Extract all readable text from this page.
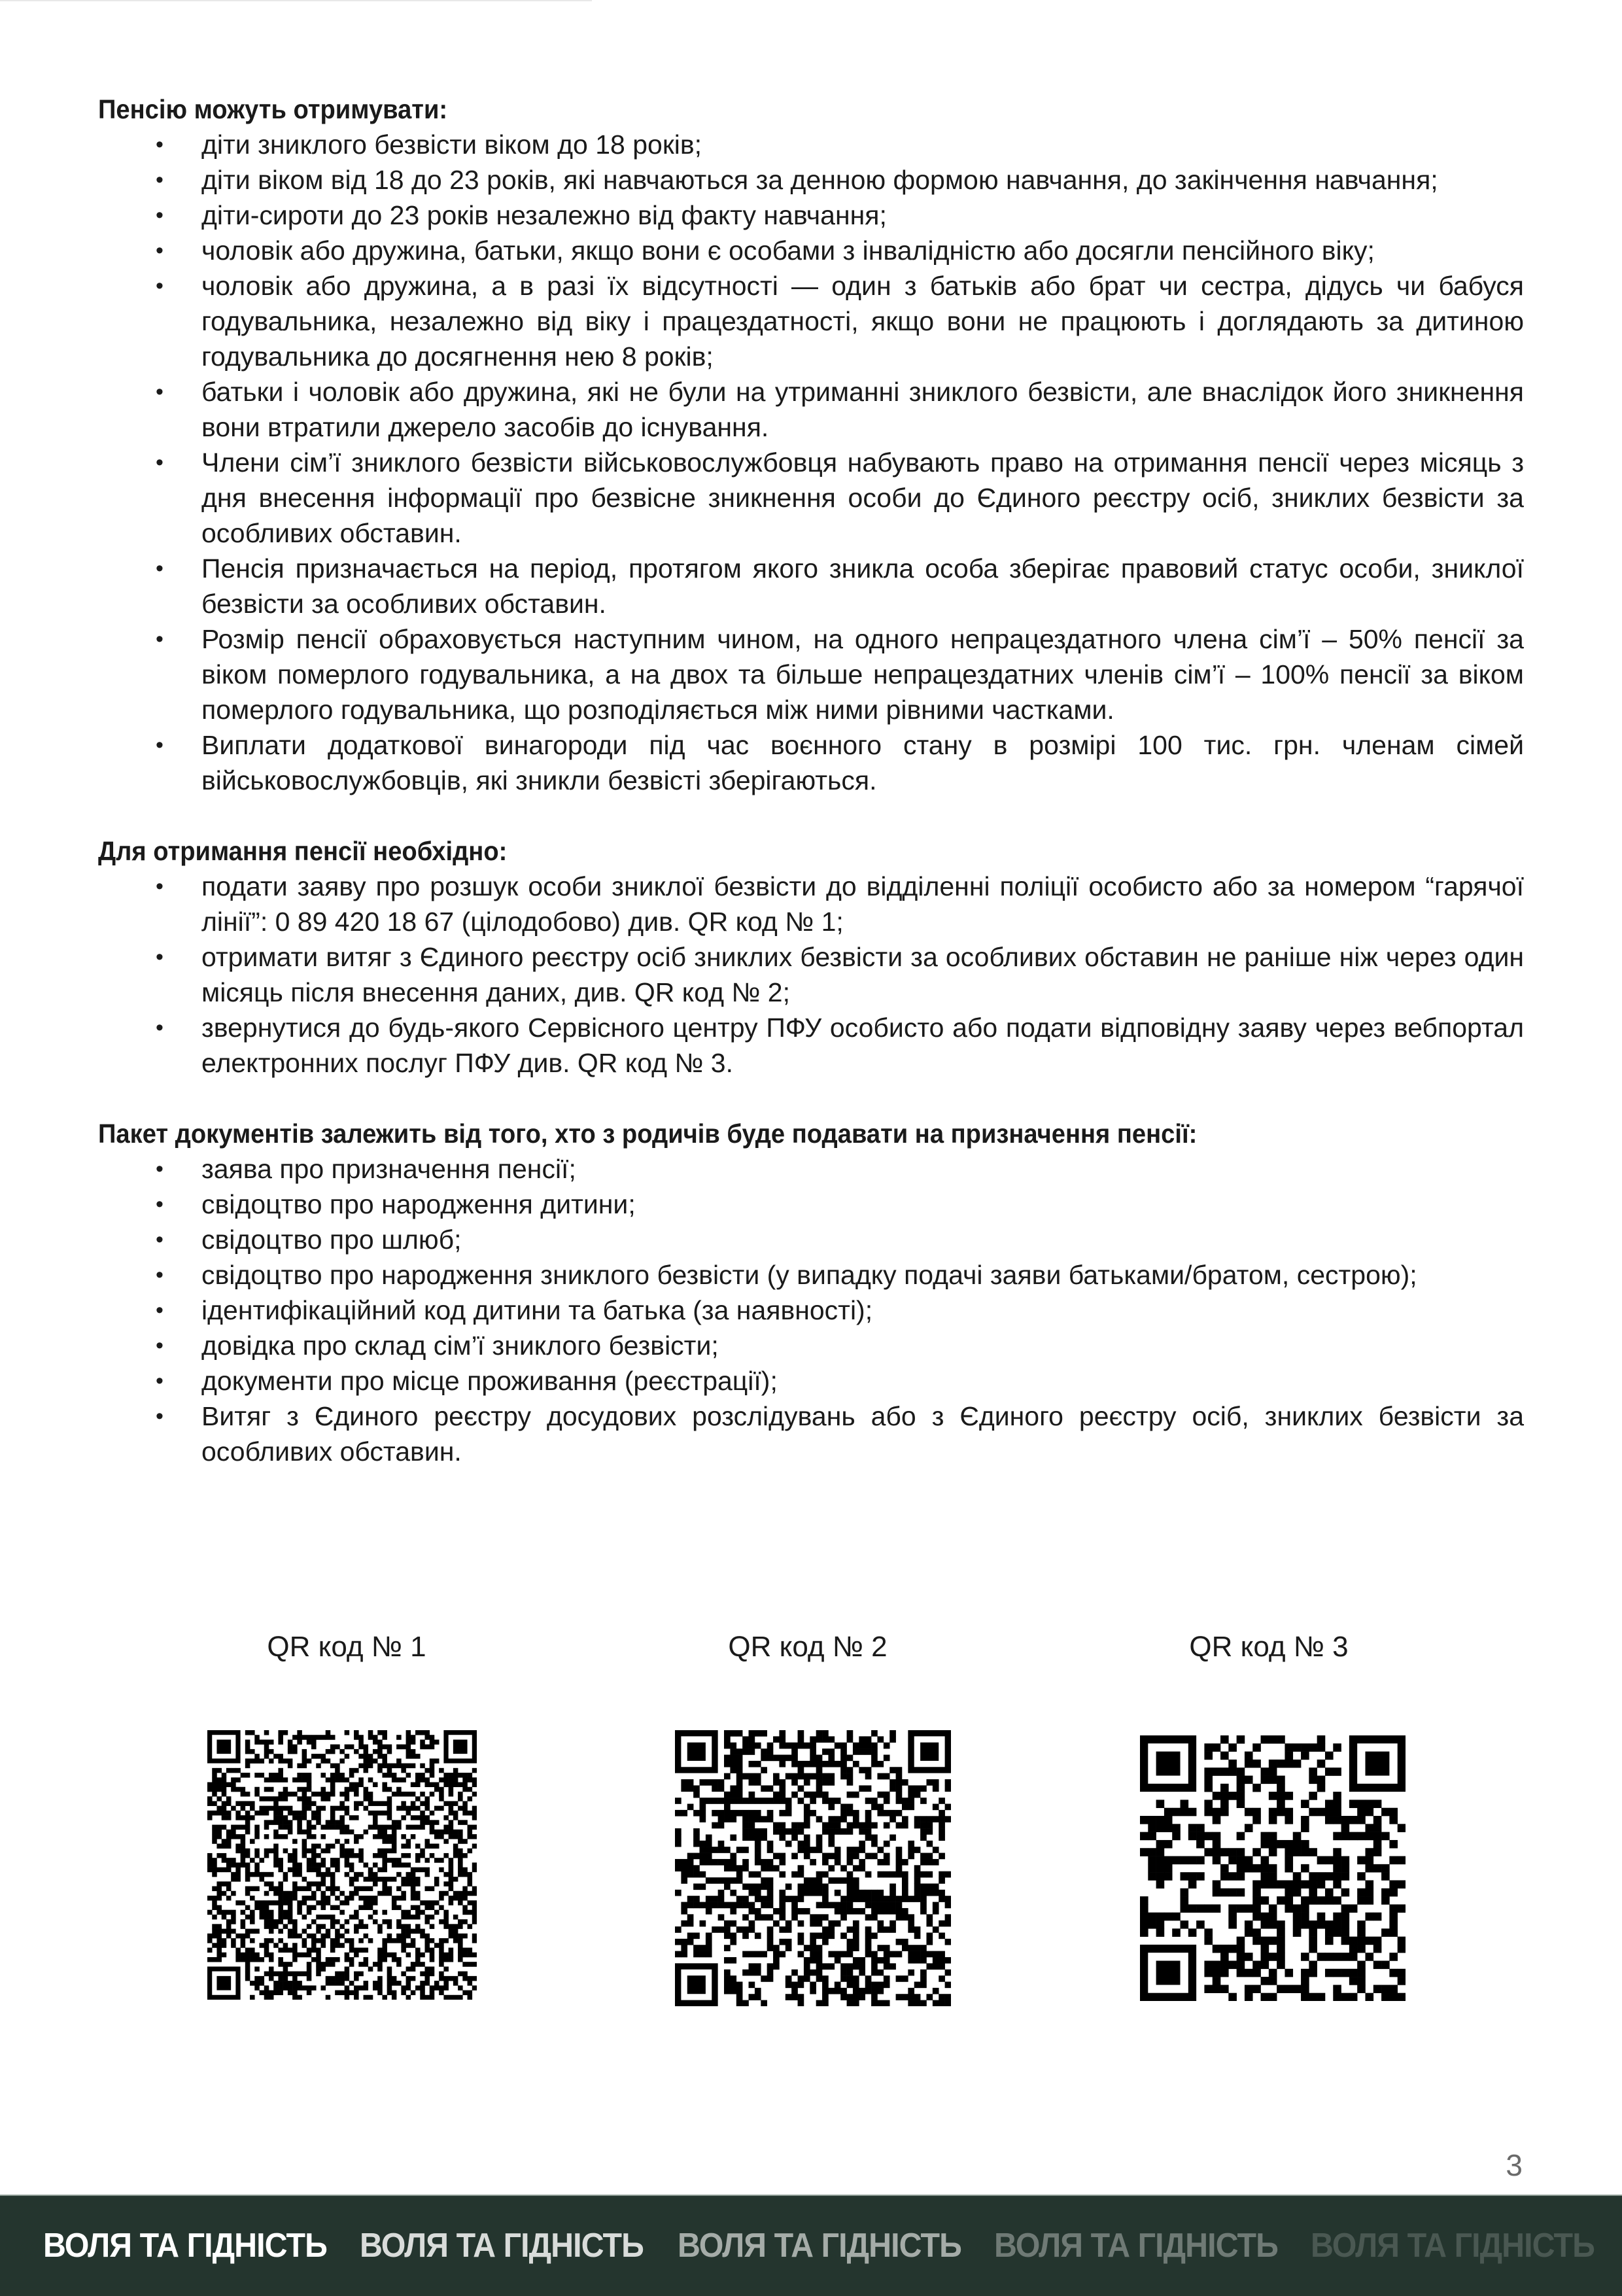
Пенсію можуть отримувати:
• діти зниклого безвісти віком до 18 років;
• діти віком від 18 до 23 років, які навчаються за денною формою навчання, до закінчення навчання;
• діти-сироти до 23 років незалежно від факту навчання;
• чоловік або дружина, батьки, якщо вони є особами з інвалідністю або досягли пенсійного віку;
• чоловік або дружина, а в разі їх відсутності — один з батьків або брат чи сестра, дідусь чи бабуся годувальника, незалежно від віку і працездатності, якщо вони не працюють і доглядають за дитиною годувальника до досягнення нею 8 років;
• батьки і чоловік або дружина, які не були на утриманні зниклого безвісти, але внаслідок його зникнення вони втратили джерело засобів до існування.
• Члени сім’ї зниклого безвісти військовослужбовця набувають право на отримання пенсії через місяць з дня внесення інформації про безвісне зникнення особи до Єдиного реєстру осіб, зниклих безвісти за особливих обставин.
• Пенсія призначається на період, протягом якого зникла особа зберігає правовий статус особи, зниклої безвісти за особливих обставин.
• Розмір пенсії обраховується наступним чином, на одного непрацездатного члена сім’ї – 50% пенсії за віком померлого годувальника, а на двох та більше непрацездатних членів сім’ї – 100% пенсії за віком померлого годувальника, що розподіляється між ними рівними частками.
• Виплати додаткової винагороди під час воєнного стану в розмірі 100 тис. грн. членам сімей військовослужбовців, які зникли безвісті зберігаються.
Для отримання пенсії необхідно:
• подати заяву про розшук особи зниклої безвісти до відділенні поліції особисто або за номером “гарячої лінії”: 0 89 420 18 67 (цілодобово) див. QR код № 1;
• отримати витяг з Єдиного реєстру осіб зниклих безвісти за особливих обставин не раніше ніж через один місяць після внесення даних, див. QR код № 2;
• звернутися до будь-якого Сервісного центру ПФУ особисто або подати відповідну заяву через вебпортал електронних послуг ПФУ див. QR код № 3.
Пакет документів залежить від того, хто з родичів буде подавати на призначення пенсії:
• заява про призначення пенсії;
• свідоцтво про народження дитини;
• свідоцтво про шлюб;
• свідоцтво про народження зниклого безвісти (у випадку подачі заяви батьками/братом, сестрою);
• ідентифікаційний код дитини та батька (за наявності);
• довідка про склад сім’ї зниклого безвісти;
• документи про місце проживання (реєстрації);
• Витяг з Єдиного реєстру досудових розслідувань або з Єдиного реєстру осіб, зниклих безвісти за особливих обставин.
QR код № 1	QR код № 2	QR код № 3
3
ВОЛЯ ТА ГІДНІСТЬ ВОЛЯ ТА ГІДНІСТЬ ВОЛЯ ТА ГІДНІСТЬ ВОЛЯ ТА ГІДНІСТЬ ВОЛЯ ТА ГІДНІСТЬ
